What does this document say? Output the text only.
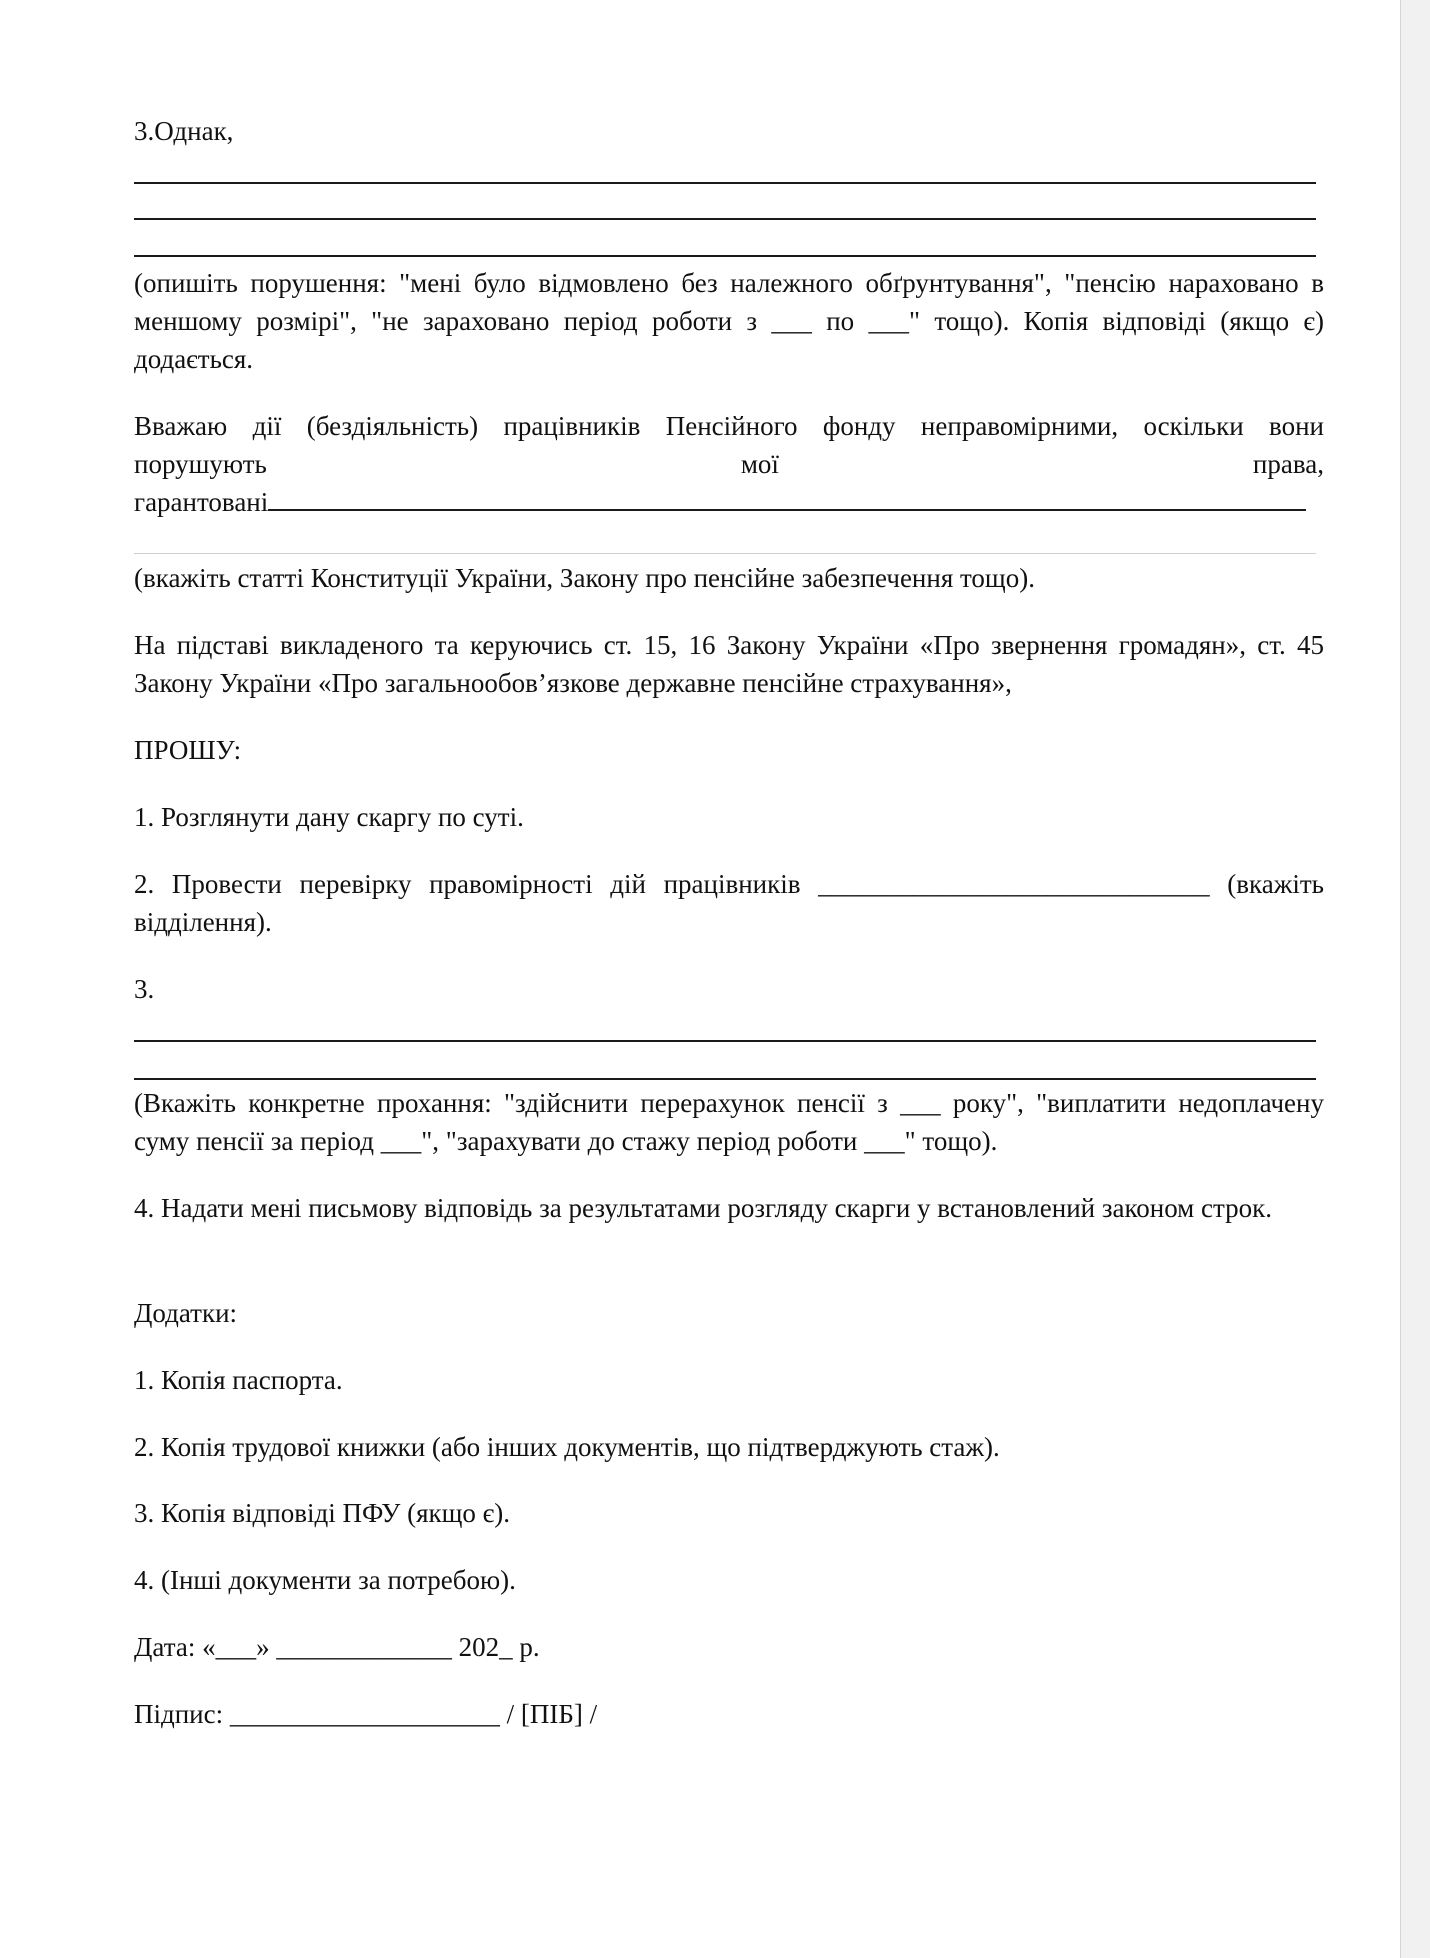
3.Однак,

(опишіть порушення: "мені було відмовлено без належного обґрунтування", "пенсію нараховано в меншому розмірі", "не зараховано період роботи з ___ по ___" тощо). Копія відповіді (якщо є) додається.

Вважаю дії (бездіяльність) працівників Пенсійного фонду неправомірними, оскільки вони

порушують мої права,

гарантовані

(вкажіть статті Конституції України, Закону про пенсійне забезпечення тощо).

На підставі викладеного та керуючись ст. 15, 16 Закону України «Про звернення громадян», ст. 45 Закону України «Про загальнообов’язкове державне пенсійне страхування»,

ПРОШУ:

1. Розглянути дану скаргу по суті.

2. Провести перевірку правомірності дій працівників _____________________________ (вкажіть відділення).

3.

(Вкажіть конкретне прохання: "здійснити перерахунок пенсії з ___ року", "виплатити недоплачену суму пенсії за період ___", "зарахувати до стажу період роботи ___" тощо).

4. Надати мені письмову відповідь за результатами розгляду скарги у встановлений законом строк.

Додатки:

1. Копія паспорта.

2. Копія трудової книжки (або інших документів, що підтверджують стаж).

3. Копія відповіді ПФУ (якщо є).

4. (Інші документи за потребою).

Дата: «___» _____________ 202_ р.

Підпис: ____________________ / [ПІБ] /
